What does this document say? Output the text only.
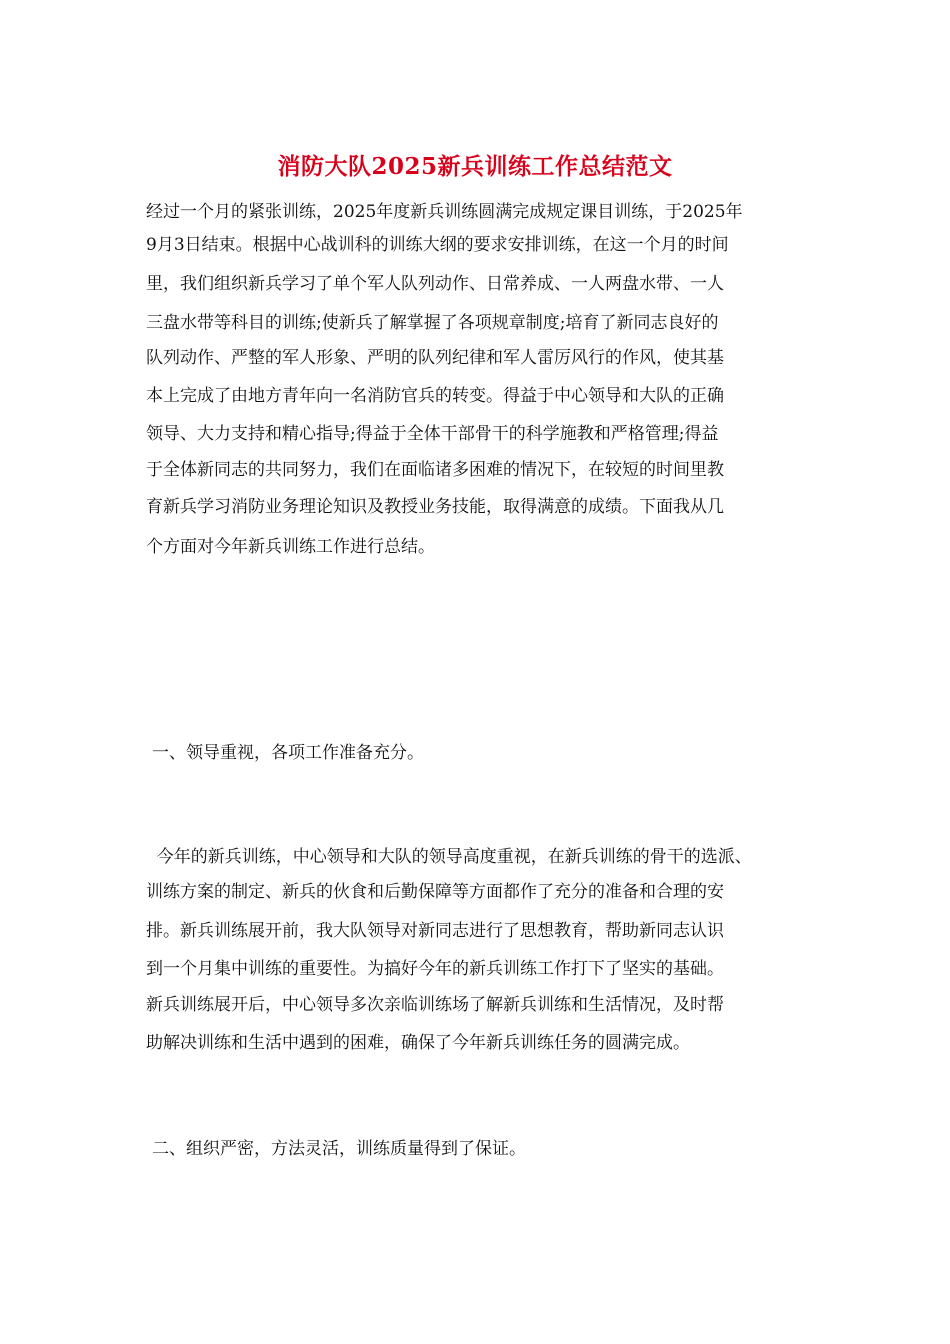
消防大队2025新兵训练工作总结范文
经过一个月的紧张训练，2025年度新兵训练圆满完成规定课目训练，于2025年
9月3日结束。根据中心战训科的训练大纲的要求安排训练，在这一个月的时间
里，我们组织新兵学习了单个军人队列动作、日常养成、一人两盘水带、一人
三盘水带等科目的训练;使新兵了解掌握了各项规章制度;培育了新同志良好的
队列动作、严整的军人形象、严明的队列纪律和军人雷厉风行的作风，使其基
本上完成了由地方青年向一名消防官兵的转变。得益于中心领导和大队的正确
领导、大力支持和精心指导;得益于全体干部骨干的科学施教和严格管理;得益
于全体新同志的共同努力，我们在面临诸多困难的情况下，在较短的时间里教
育新兵学习消防业务理论知识及教授业务技能，取得满意的成绩。下面我从几
个方面对今年新兵训练工作进行总结。
一、领导重视，各项工作准备充分。
今年的新兵训练，中心领导和大队的领导高度重视，在新兵训练的骨干的选派、
训练方案的制定、新兵的伙食和后勤保障等方面都作了充分的准备和合理的安
排。新兵训练展开前，我大队领导对新同志进行了思想教育，帮助新同志认识
到一个月集中训练的重要性。为搞好今年的新兵训练工作打下了坚实的基础。
新兵训练展开后，中心领导多次亲临训练场了解新兵训练和生活情况，及时帮
助解决训练和生活中遇到的困难，确保了今年新兵训练任务的圆满完成。
二、组织严密，方法灵活，训练质量得到了保证。
